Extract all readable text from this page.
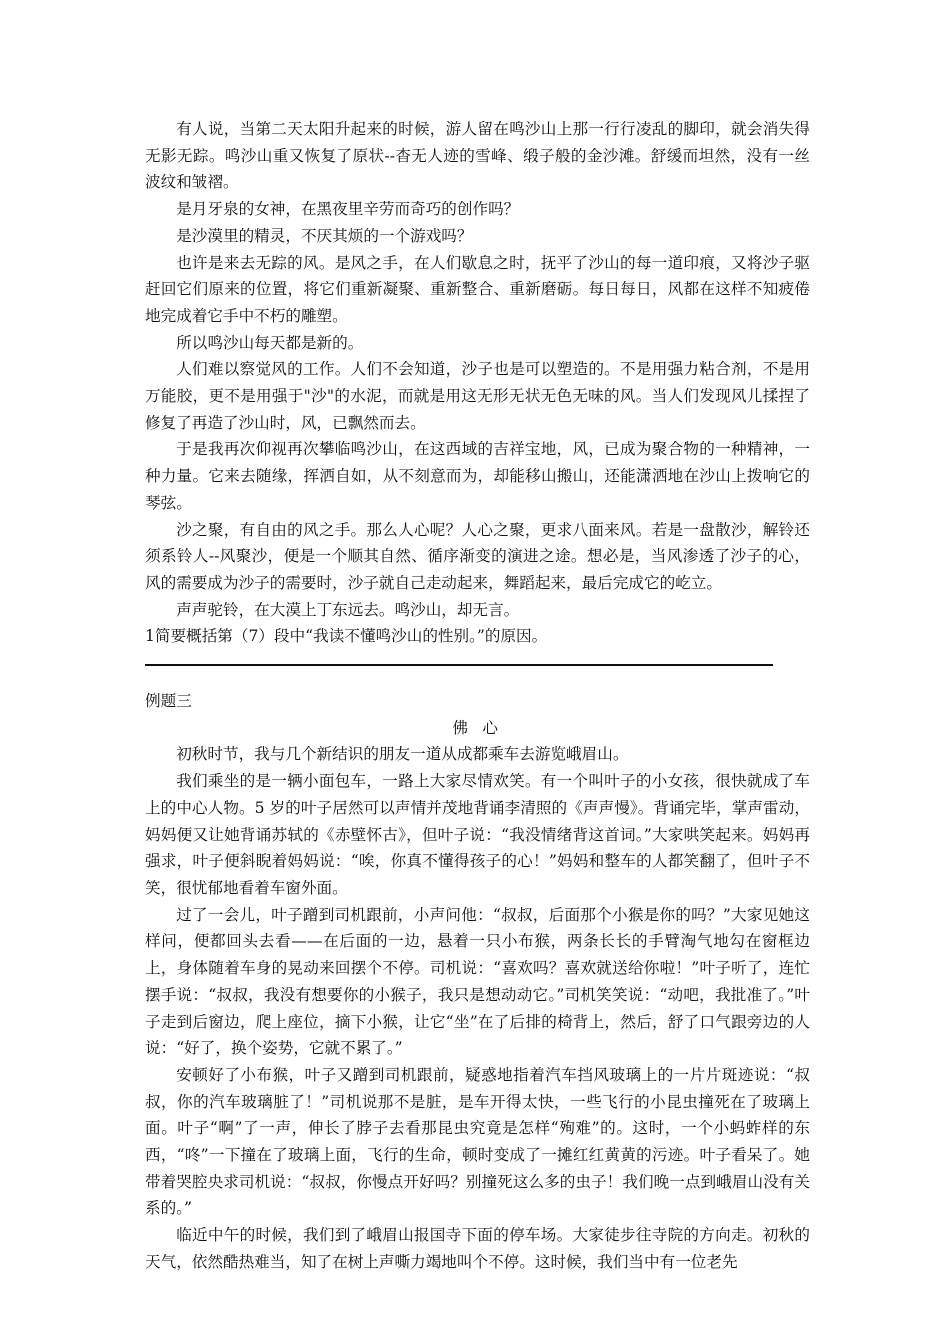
有人说，当第二天太阳升起来的时候，游人留在鸣沙山上那一行行凌乱的脚印，就会消失得无影无踪。鸣沙山重又恢复了原状--杳无人迹的雪峰、缎子般的金沙滩。舒缓而坦然，没有一丝波纹和皱褶。

是月牙泉的女神，在黑夜里辛劳而奇巧的创作吗？

是沙漠里的精灵，不厌其烦的一个游戏吗？

也许是来去无踪的风。是风之手，在人们歇息之时，抚平了沙山的每一道印痕，又将沙子驱赶回它们原来的位置，将它们重新凝聚、重新整合、重新磨砺。每日每日，风都在这样不知疲倦地完成着它手中不朽的雕塑。

所以鸣沙山每天都是新的。

人们难以察觉风的工作。人们不会知道，沙子也是可以塑造的。不是用强力粘合剂，不是用万能胶，更不是用强于"沙"的水泥，而就是用这无形无状无色无味的风。当人们发现风儿揉捏了修复了再造了沙山时，风，已飘然而去。

于是我再次仰视再次攀临鸣沙山，在这西域的吉祥宝地，风，已成为聚合物的一种精神，一种力量。它来去随缘，挥洒自如，从不刻意而为，却能移山搬山，还能潇洒地在沙山上拨响它的琴弦。

沙之聚，有自由的风之手。那么人心呢？人心之聚，更求八面来风。若是一盘散沙，解铃还须系铃人--风聚沙，便是一个顺其自然、循序渐变的演进之途。想必是，当风渗透了沙子的心，风的需要成为沙子的需要时，沙子就自己走动起来，舞蹈起来，最后完成它的屹立。

声声驼铃，在大漠上丁东远去。鸣沙山，却无言。

1简要概括第（7）段中“我读不懂鸣沙山的性别。”的原因。

例题三

佛 心

初秋时节，我与几个新结识的朋友一道从成都乘车去游览峨眉山。

我们乘坐的是一辆小面包车，一路上大家尽情欢笑。有一个叫叶子的小女孩，很快就成了车上的中心人物。5 岁的叶子居然可以声情并茂地背诵李清照的《声声慢》。背诵完毕，掌声雷动，妈妈便又让她背诵苏轼的《赤壁怀古》，但叶子说：“我没情绪背这首词。”大家哄笑起来。妈妈再强求，叶子便斜睨着妈妈说：“唉，你真不懂得孩子的心！”妈妈和整车的人都笑翻了，但叶子不笑，很忧郁地看着车窗外面。

过了一会儿，叶子蹭到司机跟前，小声问他：“叔叔，后面那个小猴是你的吗？”大家见她这样问，便都回头去看——在后面的一边，悬着一只小布猴，两条长长的手臂淘气地勾在窗框边上，身体随着车身的晃动来回摆个不停。司机说：“喜欢吗？喜欢就送给你啦！”叶子听了，连忙摆手说：“叔叔，我没有想要你的小猴子，我只是想动动它。”司机笑笑说：“动吧，我批准了。”叶子走到后窗边，爬上座位，摘下小猴，让它“坐”在了后排的椅背上，然后，舒了口气跟旁边的人说：“好了，换个姿势，它就不累了。”

安顿好了小布猴，叶子又蹭到司机跟前，疑惑地指着汽车挡风玻璃上的一片片斑迹说：“叔叔，你的汽车玻璃脏了！”司机说那不是脏，是车开得太快，一些飞行的小昆虫撞死在了玻璃上面。叶子“啊”了一声，伸长了脖子去看那昆虫究竟是怎样“殉难”的。这时，一个小蚂蚱样的东西，“咚”一下撞在了玻璃上面，飞行的生命，顿时变成了一摊红红黄黄的污迹。叶子看呆了。她带着哭腔央求司机说：“叔叔，你慢点开好吗？别撞死这么多的虫子！我们晚一点到峨眉山没有关系的。”

临近中午的时候，我们到了峨眉山报国寺下面的停车场。大家徒步往寺院的方向走。初秋的天气，依然酷热难当，知了在树上声嘶力竭地叫个不停。这时候，我们当中有一位老先
